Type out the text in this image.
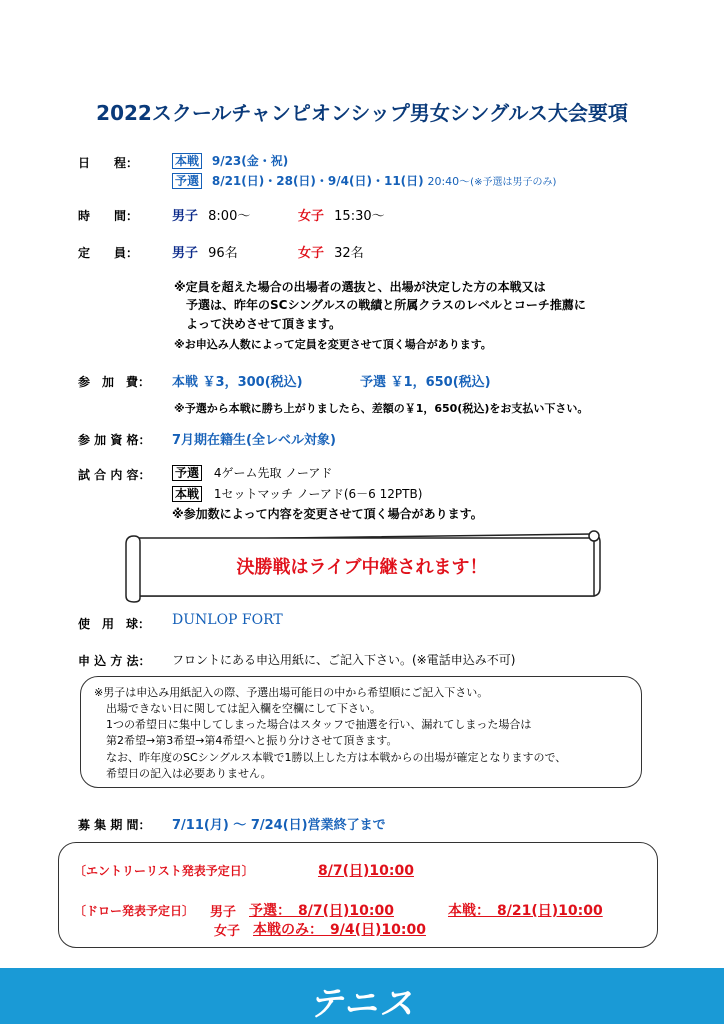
2022スクールチャンピオンシップ男女シングルス大会要項
日　　程：	本戦 9/23(金・祝)
予選 8/21(日)・28(日)・9/4(日)・11(日) 20:40～(※予選は男子のみ)
時　　間：	男子 8:00～	女子 15:30～
定　　員：	男子 96名	女子 32名
※定員を超えた場合の出場者の選抜と、出場が決定した方の本戦又は
予選は、昨年のSCシングルスの戦績と所属クラスのレベルとコーチ推薦に
よって決めさせて頂きます。
※お申込み人数によって定員を変更させて頂く場合があります。
参　加　費： 本戦 ￥3，300(税込)	予選 ￥1，650(税込)
※予選から本戦に勝ち上がりましたら、差額の￥1，650(税込)をお支払い下さい。
参 加 資 格： 7月期在籍生(全レベル対象)
試 合 内 容： 予選 4ゲーム先取 ノーアド
本戦 1セットマッチ ノーアド(6－6 12PTB)
※参加数によって内容を変更させて頂く場合があります。
決勝戦はライブ中継されます！
使　用　球： DUNLOP FORT
申 込 方 法： フロントにある申込用紙に、ご記入下さい。(※電話申込み不可)
※男子は申込み用紙記入の際、予選出場可能日の中から希望順にご記入下さい。
出場できない日に関しては記入欄を空欄にして下さい。
1つの希望日に集中してしまった場合はスタッフで抽選を行い、漏れてしまった場合は
第2希望→第3希望→第4希望へと振り分けさせて頂きます。
なお、昨年度のSCシングルス本戦で1勝以上した方は本戦からの出場が確定となりますので、
希望日の記入は必要ありません。
募 集 期 間： 7/11(月) ～ 7/24(日)営業終了まで
〔エントリーリスト発表予定日〕	8/7(日)10:00
〔ドロー発表予定日〕 男子 予選：　8/7(日)10:00	本戦：　8/21(日)10:00
女子 本戦のみ：　9/4(日)10:00
テニス
